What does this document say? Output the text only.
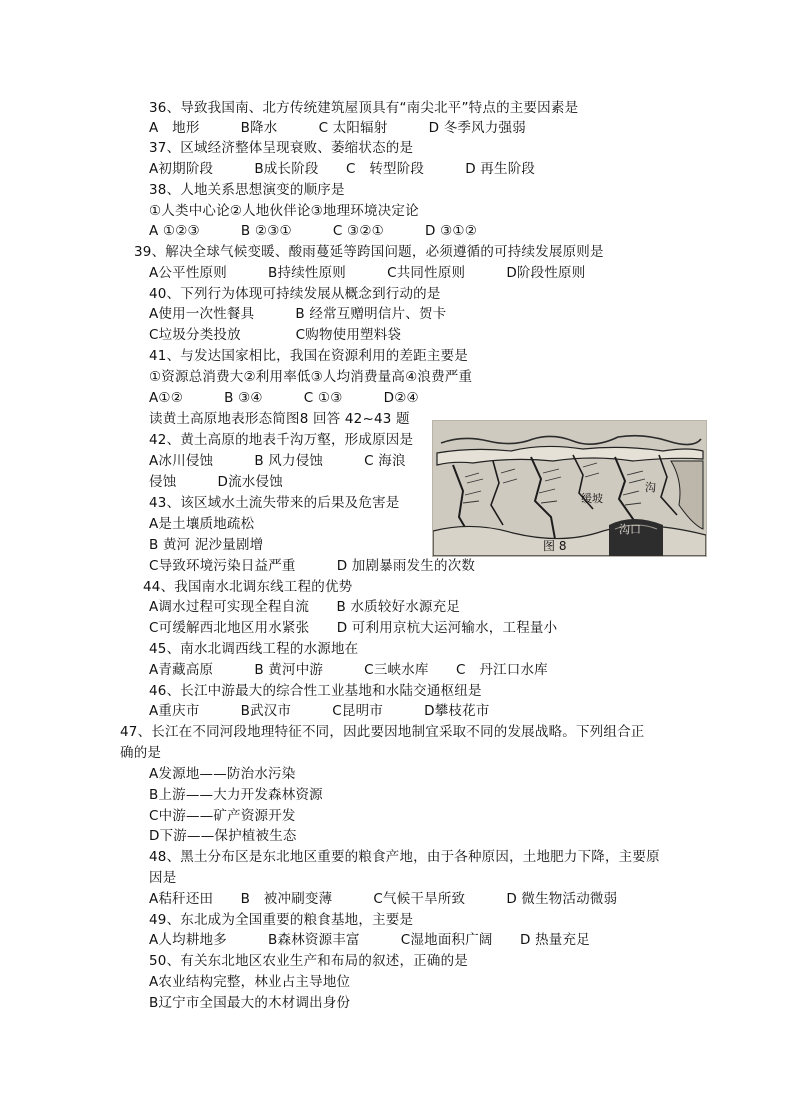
36、导致我国南、北方传统建筑屋顶具有“南尖北平”特点的主要因素是
A　地形　　　B降水　　　C 太阳辐射　　　D 冬季风力强弱
37、区域经济整体呈现衰败、萎缩状态的是
A初期阶段　　　B成长阶段　　C　转型阶段　　　D 再生阶段
38、人地关系思想演变的顺序是
①人类中心论②人地伙伴论③地理环境决定论
A ①②③　　　B ②③①　　　C ③②①　　　D ③①②
39、解决全球气候变暖、酸雨蔓延等跨国问题，必须遵循的可持续发展原则是
A公平性原则　　　B持续性原则　　　C共同性原则　　　D阶段性原则
40、下列行为体现可持续发展从概念到行动的是
A使用一次性餐具　　　B 经常互赠明信片、贺卡
C垃圾分类投放　　　　C购物使用塑料袋
41、与发达国家相比，我国在资源利用的差距主要是
①资源总消费大②利用率低③人均消费量高④浪费严重
A①②　　　B ③④　　　C ①③　　　D②④
读黄土高原地表形态简图8 回答 42~43 题
42、黄土高原的地表千沟万壑，形成原因是
A冰川侵蚀　　　B 风力侵蚀　　　C 海浪
侵蚀　　　D流水侵蚀
43、该区域水土流失带来的后果及危害是
A是土壤质地疏松
B 黄河 泥沙量剧增
C导致环境污染日益严重　　　D 加剧暴雨发生的次数
44、我国南水北调东线工程的优势
A调水过程可实现全程自流　　B 水质较好水源充足
C可缓解西北地区用水紧张　　D 可利用京杭大运河输水，工程量小
45、南水北调西线工程的水源地在
A青藏高原　　　B 黄河中游　　　C三峡水库　　C　丹江口水库
46、长江中游最大的综合性工业基地和水陆交通枢纽是
A重庆市　　　B武汉市　　　C昆明市　　　D攀枝花市
47、长江在不同河段地理特征不同，因此要因地制宜采取不同的发展战略。下列组合正
确的是
A发源地——防治水污染
B上游——大力开发森林资源
C中游——矿产资源开发
D下游——保护植被生态
48、黑土分布区是东北地区重要的粮食产地，由于各种原因，土地肥力下降，主要原
因是
A秸秆还田　　B　被冲刷变薄　　　C气候干旱所致　　　D 微生物活动微弱
49、东北成为全国重要的粮食基地，主要是
A人均耕地多　　　B森林资源丰富　　　C湿地面积广阔　　D 热量充足
50、有关东北地区农业生产和布局的叙述，正确的是
A农业结构完整，林业占主导地位
B辽宁市全国最大的木材调出身份
缓坡
沟
沟口
图 8
